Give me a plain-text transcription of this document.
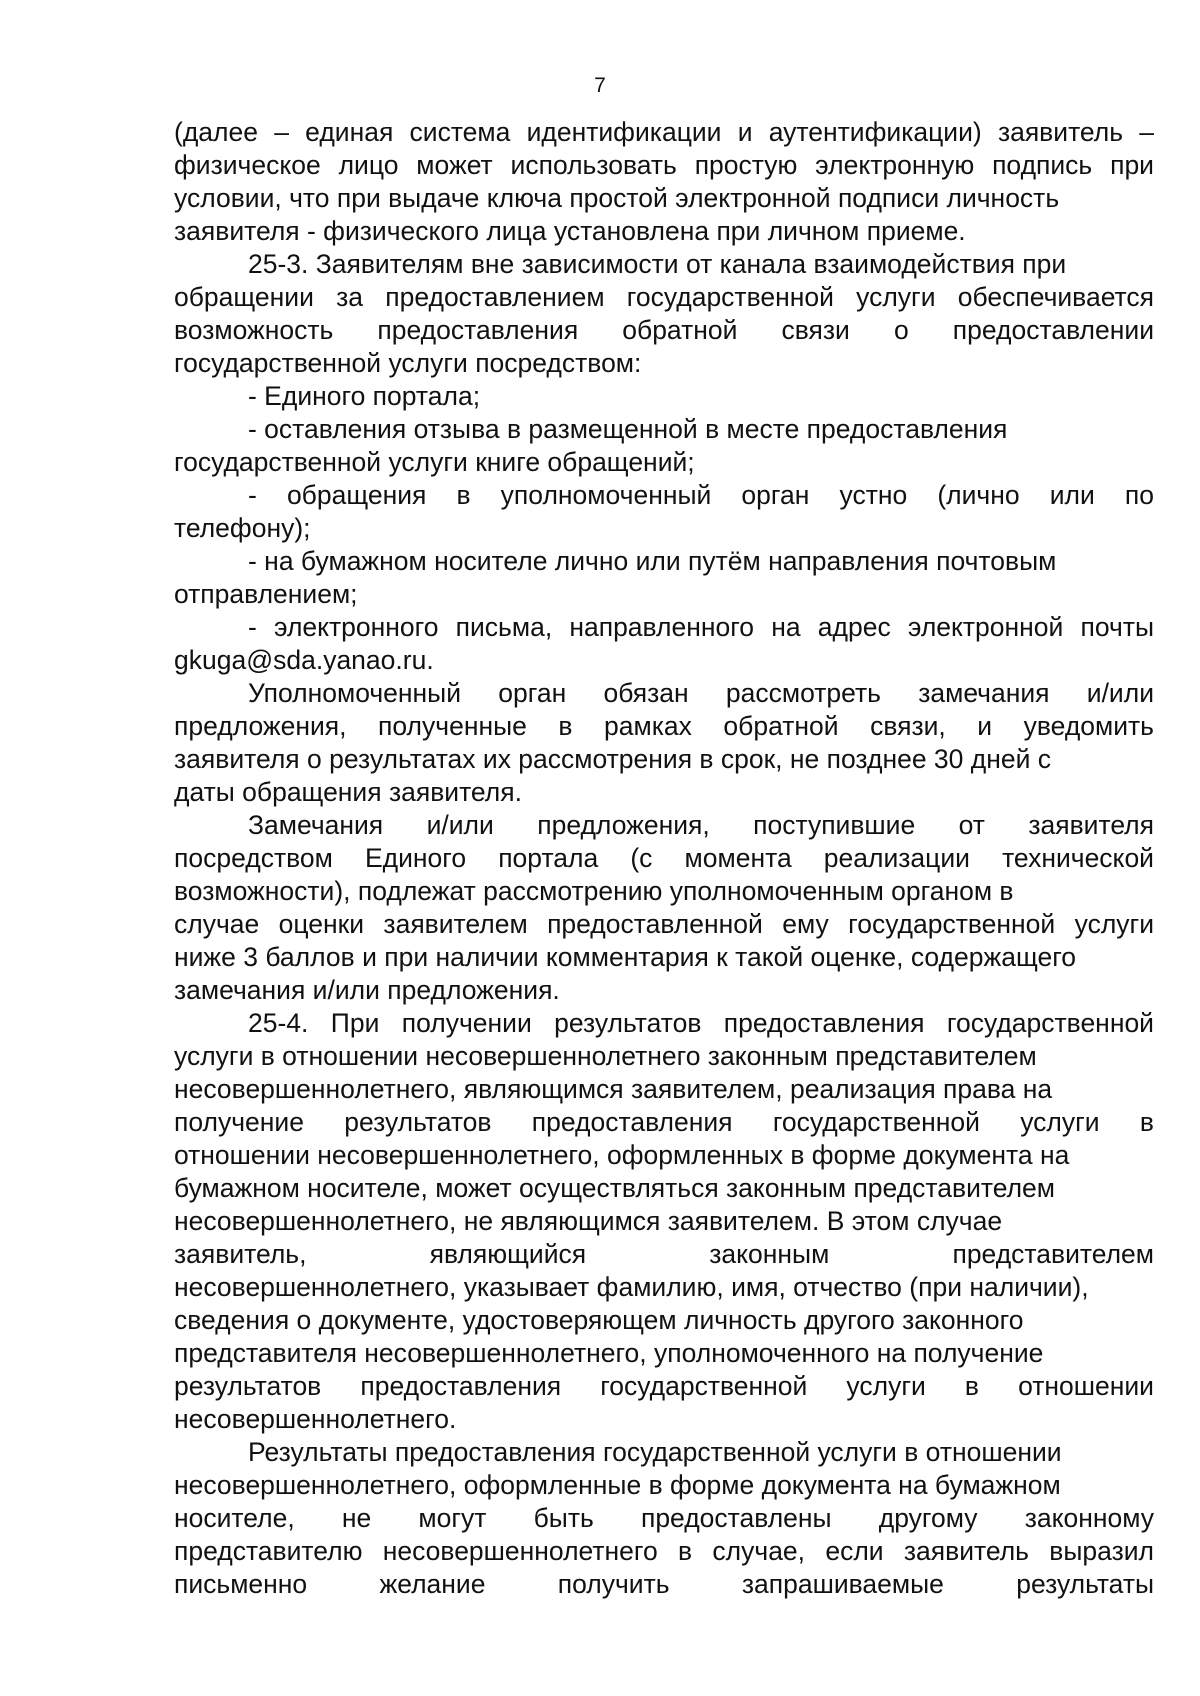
7
(далее – единая система идентификации и аутентификации) заявитель –
физическое лицо может использовать простую электронную подпись при
условии, что при выдаче ключа простой электронной подписи личность
заявителя - физического лица установлена при личном приеме.
25-3. Заявителям вне зависимости от канала взаимодействия при
обращении за предоставлением государственной услуги обеспечивается
возможность предоставления обратной связи о предоставлении
государственной услуги посредством:
- Единого портала;
- оставления отзыва в размещенной в месте предоставления
государственной услуги книге обращений;
- обращения в уполномоченный орган устно (лично или по
телефону);
- на бумажном носителе лично или путём направления почтовым
отправлением;
- электронного письма, направленного на адрес электронной почты
gkuga@sda.yanao.ru.
Уполномоченный орган обязан рассмотреть замечания и/или
предложения, полученные в рамках обратной связи, и уведомить
заявителя о результатах их рассмотрения в срок, не позднее 30 дней с
даты обращения заявителя.
Замечания и/или предложения, поступившие от заявителя
посредством Единого портала (с момента реализации технической
возможности), подлежат рассмотрению уполномоченным органом в
случае оценки заявителем предоставленной ему государственной услуги
ниже 3 баллов и при наличии комментария к такой оценке, содержащего
замечания и/или предложения.
25-4. При получении результатов предоставления государственной
услуги в отношении несовершеннолетнего законным представителем
несовершеннолетнего, являющимся заявителем, реализация права на
получение результатов предоставления государственной услуги в
отношении несовершеннолетнего, оформленных в форме документа на
бумажном носителе, может осуществляться законным представителем
несовершеннолетнего, не являющимся заявителем. В этом случае
заявитель, являющийся законным представителем
несовершеннолетнего, указывает фамилию, имя, отчество (при наличии),
сведения о документе, удостоверяющем личность другого законного
представителя несовершеннолетнего, уполномоченного на получение
результатов предоставления государственной услуги в отношении
несовершеннолетнего.
Результаты предоставления государственной услуги в отношении
несовершеннолетнего, оформленные в форме документа на бумажном
носителе, не могут быть предоставлены другому законному
представителю несовершеннолетнего в случае, если заявитель выразил
письменно желание получить запрашиваемые результаты
